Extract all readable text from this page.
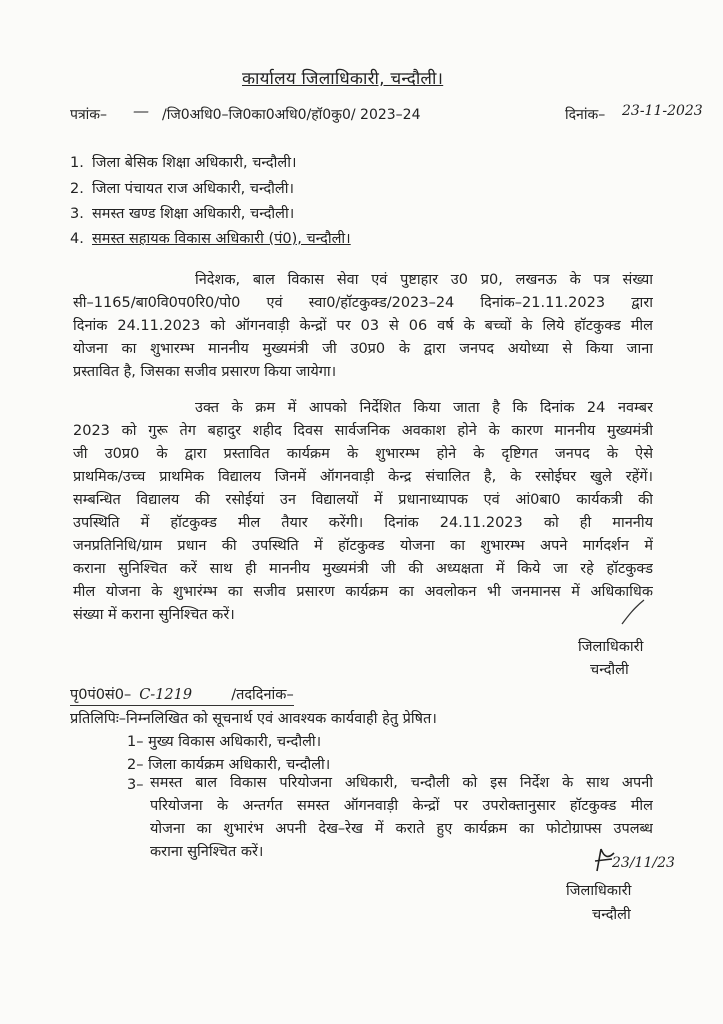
कार्यालय जिलाधिकारी, चन्दौली।
पत्रांक– — /जि0अधि0–जि0का0अधि0/हॉ0कु0/ 2023–24	दिनांक– 23-11-2023
1. जिला बेसिक शिक्षा अधिकारी, चन्दौली।
2. जिला पंचायत राज अधिकारी, चन्दौली।
3. समस्त खण्ड शिक्षा अधिकारी, चन्दौली।
4. समस्त सहायक विकास अधिकारी (पं0), चन्दौली।
निदेशक, बाल विकास सेवा एवं पुष्टाहार उ0 प्र0, लखनऊ के पत्र संख्या
सी–1165/बा0वि0प0रि0/पो0 एवं स्वा0/हॉटकुक्ड/2023–24 दिनांक–21.11.2023 द्वारा
दिनांक 24.11.2023 को ऑगनवाड़ी केन्द्रों पर 03 से 06 वर्ष के बच्चों के लिये हॉटकुक्ड मील
योजना का शुभारम्भ माननीय मुख्यमंत्री जी उ0प्र0 के द्वारा जनपद अयोध्या से किया जाना
प्रस्तावित है, जिसका सजीव प्रसारण किया जायेगा।
उक्त के क्रम में आपको निर्देशित किया जाता है कि दिनांक 24 नवम्बर
2023 को गुरू तेग बहादुर शहीद दिवस सार्वजनिक अवकाश होने के कारण माननीय मुख्यमंत्री
जी उ0प्र0 के द्वारा प्रस्तावित कार्यक्रम के शुभारम्भ होने के दृष्टिगत जनपद के ऐसे
प्राथमिक/उच्च प्राथमिक विद्यालय जिनमें ऑगनवाड़ी केन्द्र संचालित है, के रसोईघर खुले रहेंगें।
सम्बन्धित विद्यालय की रसोईयां उन विद्यालयों में प्रधानाध्यापक एवं आं0बा0 कार्यकत्री की
उपस्थिति में हॉटकुक्ड मील तैयार करेंगी। दिनांक 24.11.2023 को ही माननीय
जनप्रतिनिधि/ग्राम प्रधान की उपस्थिति में हॉटकुक्ड योजना का शुभारम्भ अपने मार्गदर्शन में
कराना सुनिश्चित करें साथ ही माननीय मुख्यमंत्री जी की अध्यक्षता में किये जा रहे हॉटकुक्ड
मील योजना के शुभारंम्भ का सजीव प्रसारण कार्यक्रम का अवलोकन भी जनमानस में अधिकाधिक
संख्या में कराना सुनिश्चित करें।
जिलाधिकारी
चन्दौली
पृ0पं0सं0– C-1219	/तददिनांक–
प्रतिलिपिः–निम्नलिखित को सूचनार्थ एवं आवश्यक कार्यवाही हेतु प्रेषित।
1– मुख्य विकास अधिकारी, चन्दौली।
2– जिला कार्यक्रम अधिकारी, चन्दौली।
3– समस्त बाल विकास परियोजना अधिकारी, चन्दौली को इस निर्देश के साथ अपनी
परियोजना के अन्तर्गत समस्त ऑगनवाड़ी केन्द्रों पर उपरोक्तानुसार हॉटकुक्ड मील
योजना का शुभारंभ अपनी देख–रेख में कराते हुए कार्यक्रम का फोटोग्राफ्स उपलब्ध
कराना सुनिश्चित करें।
23/11/23
जिलाधिकारी
चन्दौली
